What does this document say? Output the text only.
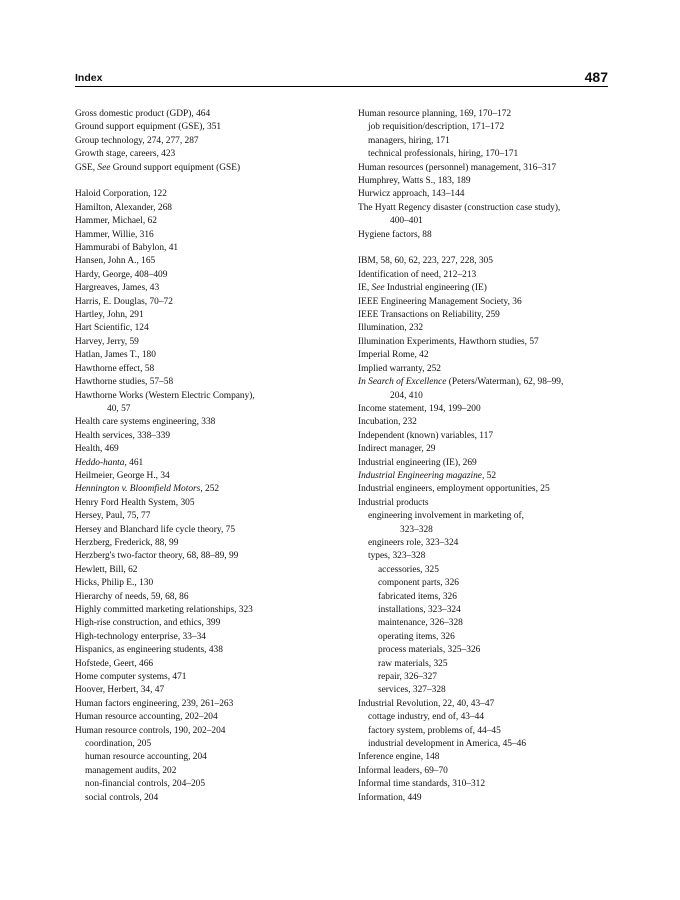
Index	487
Gross domestic product (GDP), 464
Ground support equipment (GSE), 351
Group technology, 274, 277, 287
Growth stage, careers, 423
GSE, See Ground support equipment (GSE)
Haloid Corporation, 122
Hamilton, Alexander, 268
Hammer, Michael, 62
Hammer, Willie, 316
Hammurabi of Babylon, 41
Hansen, John A., 165
Hardy, George, 408–409
Hargreaves, James, 43
Harris, E. Douglas, 70–72
Hartley, John, 291
Hart Scientific, 124
Harvey, Jerry, 59
Hatlan, James T., 180
Hawthorne effect, 58
Hawthorne studies, 57–58
Hawthorne Works (Western Electric Company),
40, 57
Health care systems engineering, 338
Health services, 338–339
Health, 469
Heddo-hanta, 461
Heilmeier, George H., 34
Hennington v. Bloomfield Motors, 252
Henry Ford Health System, 305
Hersey, Paul, 75, 77
Hersey and Blanchard life cycle theory, 75
Herzberg, Frederick, 88, 99
Herzberg's two-factor theory, 68, 88–89, 99
Hewlett, Bill, 62
Hicks, Philip E., 130
Hierarchy of needs, 59, 68, 86
Highly committed marketing relationships, 323
High-rise construction, and ethics, 399
High-technology enterprise, 33–34
Hispanics, as engineering students, 438
Hofstede, Geert, 466
Home computer systems, 471
Hoover, Herbert, 34, 47
Human factors engineering, 239, 261–263
Human resource accounting, 202–204
Human resource controls, 190, 202–204
coordination, 205
human resource accounting, 204
management audits, 202
non-financial controls, 204–205
social controls, 204
Human resource planning, 169, 170–172
job requisition/description, 171–172
managers, hiring, 171
technical professionals, hiring, 170–171
Human resources (personnel) management, 316–317
Humphrey, Watts S., 183, 189
Hurwicz approach, 143–144
The Hyatt Regency disaster (construction case study),
400–401
Hygiene factors, 88
IBM, 58, 60, 62, 223, 227, 228, 305
Identification of need, 212–213
IE, See Industrial engineering (IE)
IEEE Engineering Management Society, 36
IEEE Transactions on Reliability, 259
Illumination, 232
Illumination Experiments, Hawthorn studies, 57
Imperial Rome, 42
Implied warranty, 252
In Search of Excellence (Peters/Waterman), 62, 98–99,
204, 410
Income statement, 194, 199–200
Incubation, 232
Independent (known) variables, 117
Indirect manager, 29
Industrial engineering (IE), 269
Industrial Engineering magazine, 52
Industrial engineers, employment opportunities, 25
Industrial products
engineering involvement in marketing of,
323–328
engineers role, 323–324
types, 323–328
accessories, 325
component parts, 326
fabricated items, 326
installations, 323–324
maintenance, 326–328
operating items, 326
process materials, 325–326
raw materials, 325
repair, 326–327
services, 327–328
Industrial Revolution, 22, 40, 43–47
cottage industry, end of, 43–44
factory system, problems of, 44–45
industrial development in America, 45–46
Inference engine, 148
Informal leaders, 69–70
Informal time standards, 310–312
Information, 449
